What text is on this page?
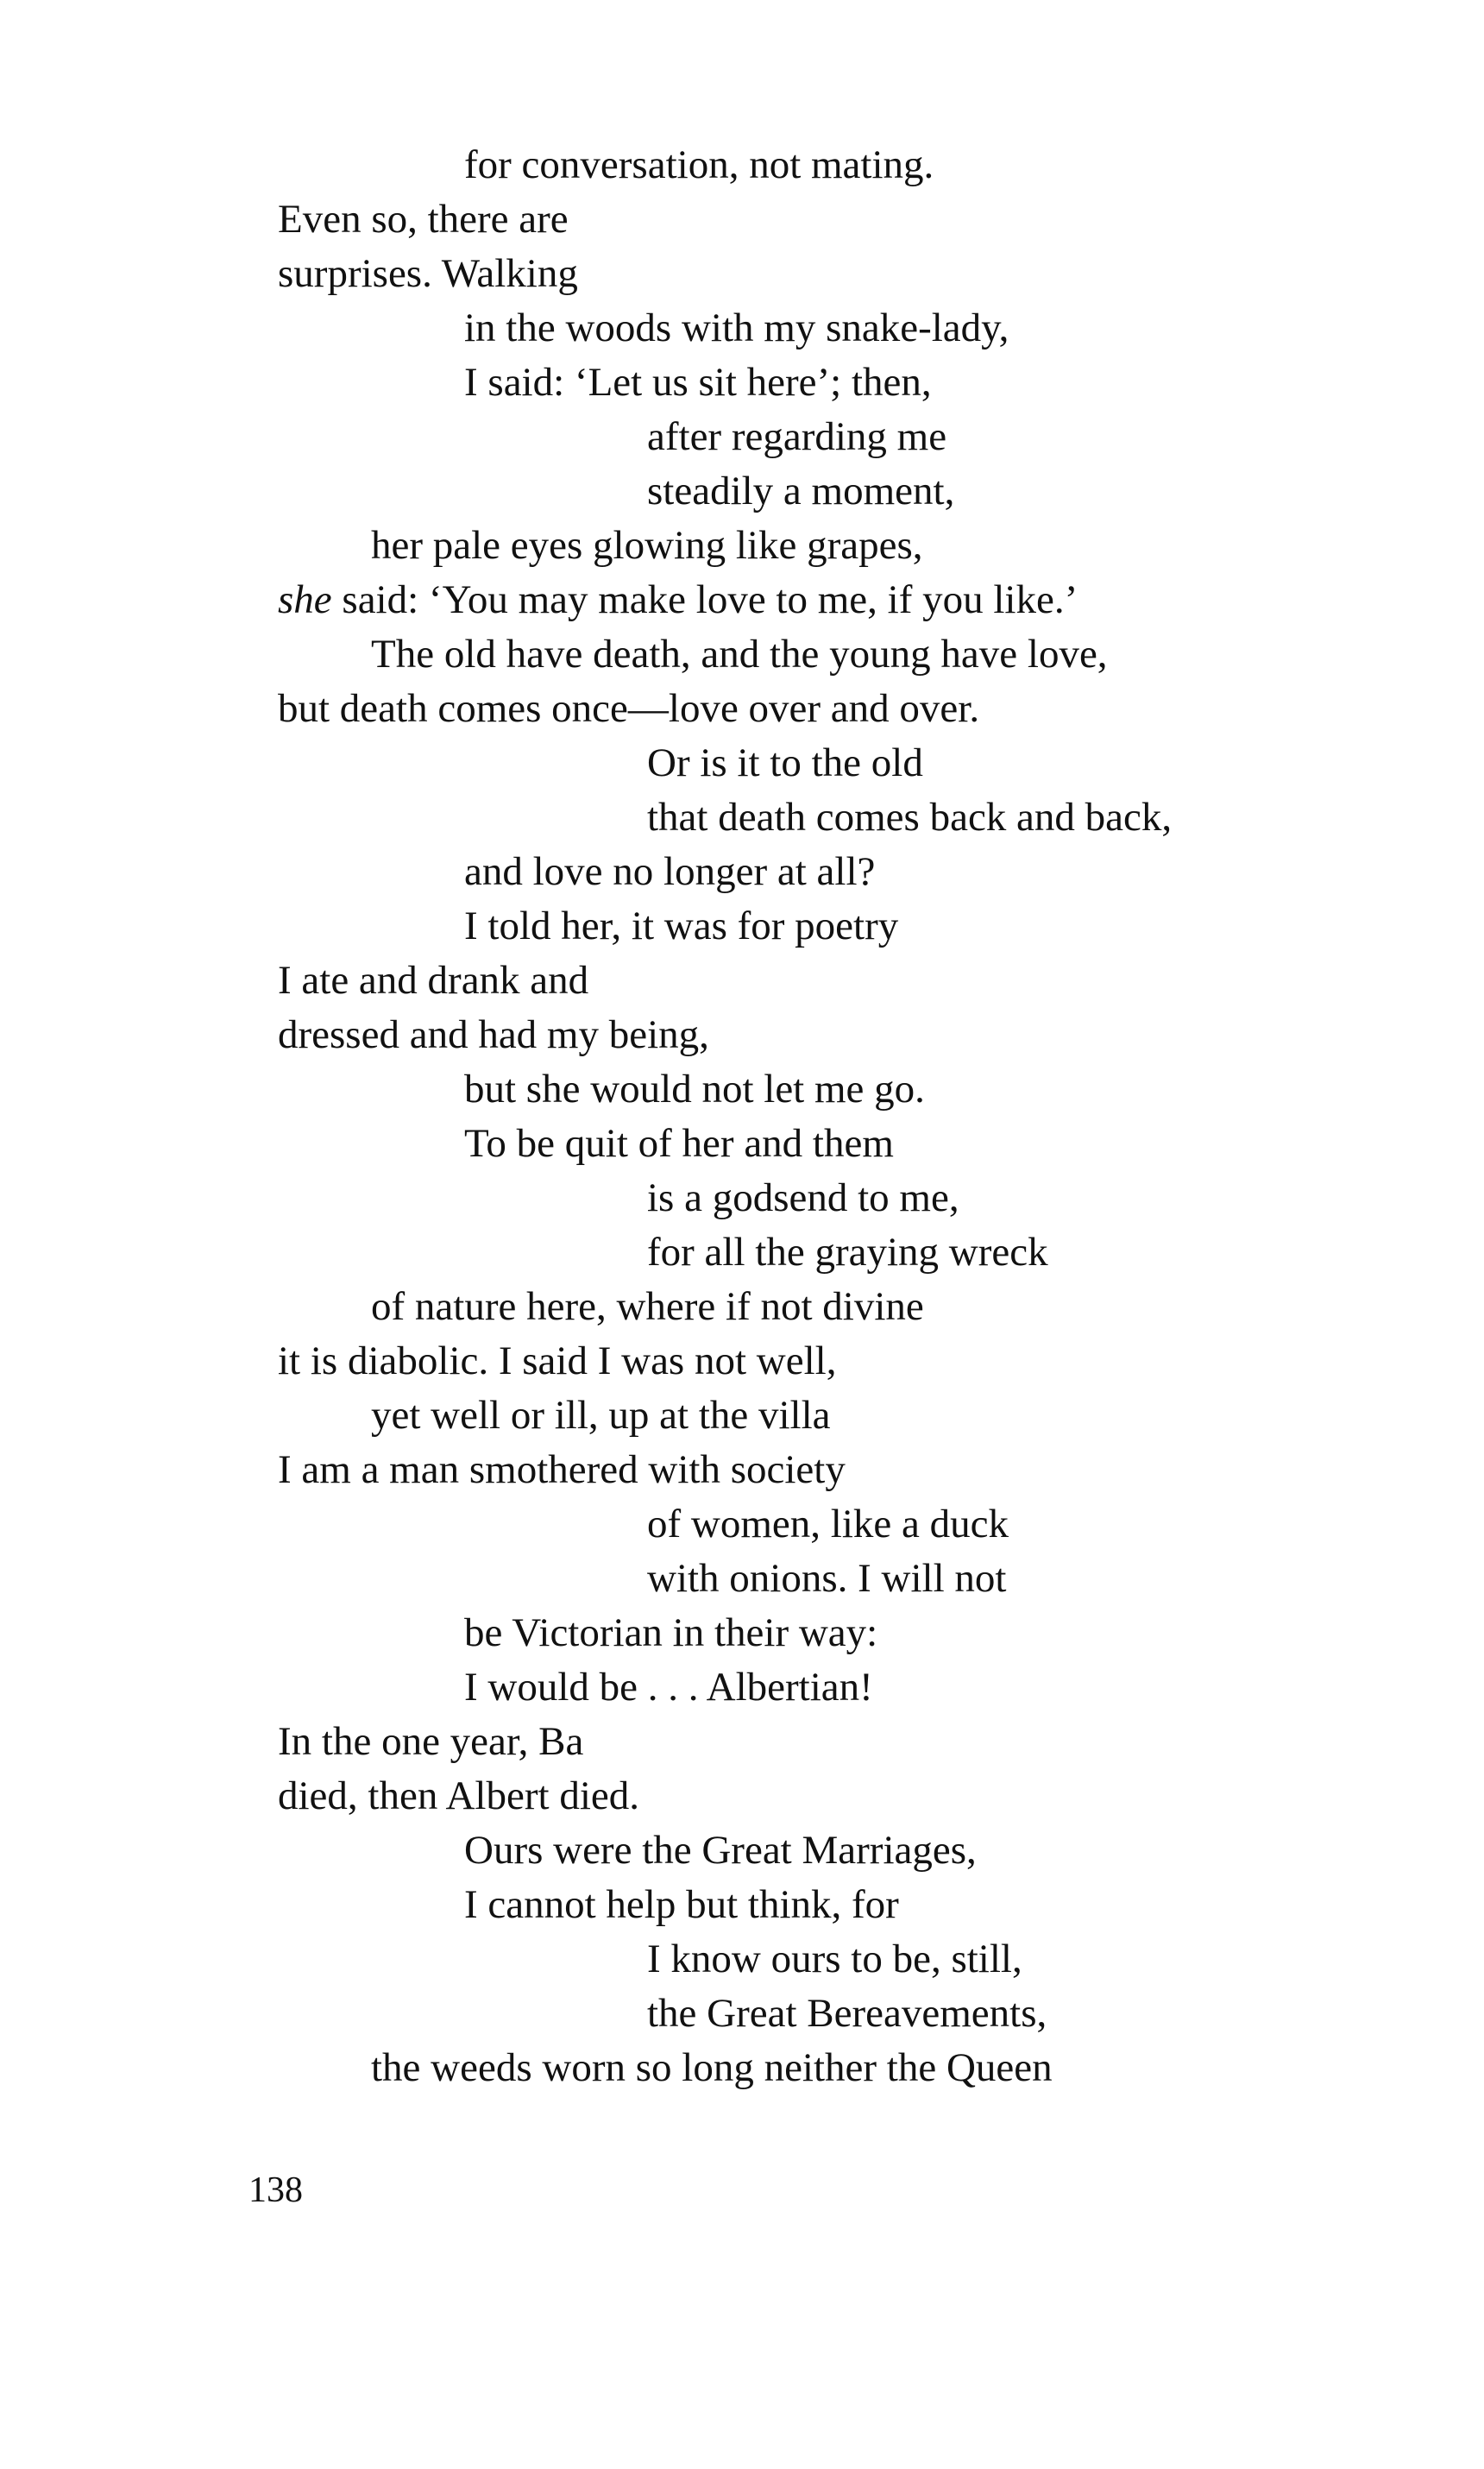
for conversation, not mating.
Even so, there are
surprises. Walking
in the woods with my snake-lady,
I said: ‘Let us sit here’; then,
after regarding me
steadily a moment,
her pale eyes glowing like grapes,
she said: ‘You may make love to me, if you like.’
The old have death, and the young have love,
but death comes once—love over and over.
Or is it to the old
that death comes back and back,
and love no longer at all?
I told her, it was for poetry
I ate and drank and
dressed and had my being,
but she would not let me go.
To be quit of her and them
is a godsend to me,
for all the graying wreck
of nature here, where if not divine
it is diabolic. I said I was not well,
yet well or ill, up at the villa
I am a man smothered with society
of women, like a duck
with onions. I will not
be Victorian in their way:
I would be . . . Albertian!
In the one year, Ba
died, then Albert died.
Ours were the Great Marriages,
I cannot help but think, for
I know ours to be, still,
the Great Bereavements,
the weeds worn so long neither the Queen
138
